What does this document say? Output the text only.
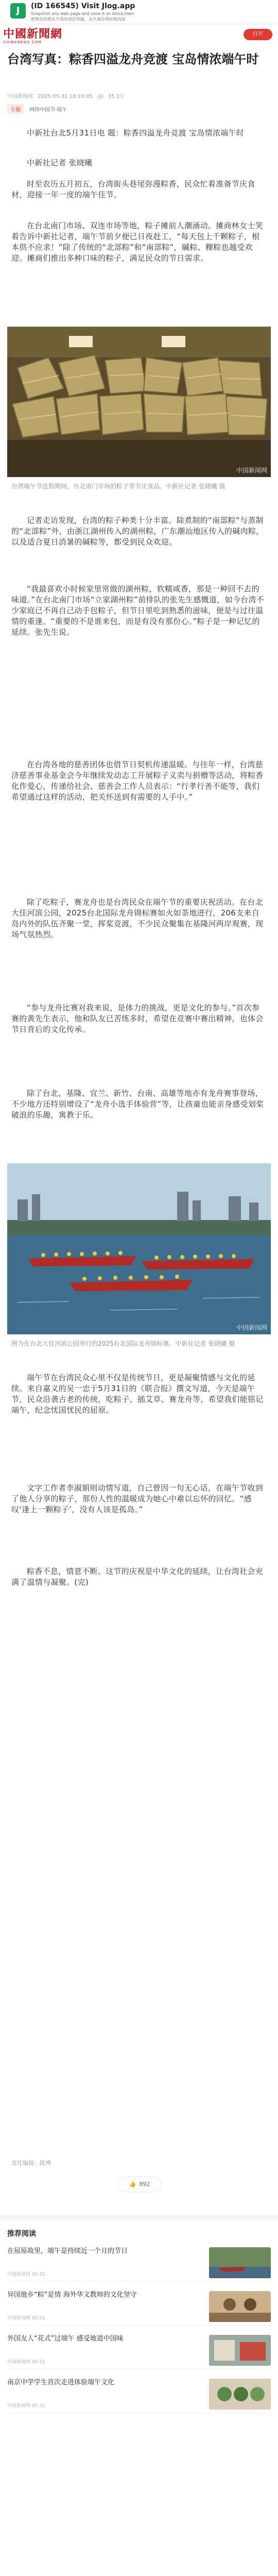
J	(ID 166545) Visit Jlog.app
Snapshot any web page and save it on blockchain
把网页快照永久保存到区块链，永久保存网址和内容
中國新聞網
CHINANEWS.COM
打开
台湾写真：粽香四溢龙舟竞渡 宝岛情浓端午时
中国新闻网 2025-05-31 18:19:05	35.3万
专题 网络中国节·端午

中新社台北5月31日电 题：粽香四溢龙舟竞渡 宝岛情浓端午时

中新社记者 张晓曦

时至农历五月初五，台湾街头巷尾弥漫粽香，民众忙着准备节庆食材，迎接一年一度的端午佳节。

在台北南门市场、双连市场等地，粽子摊前人潮涌动。摊商林女士笑着告诉中新社记者，端午节前夕便已日夜赶工，“每天包上千颗粽子，根本供不应求！”除了传统的“北部粽”和“南部粽”，碱粽、粿粽也越受欢迎。摊商们推出多种口味的粽子，满足民众的节日需求。

中国新闻网

台湾端午节连假期间，台北南门市场的粽子等节庆食品。中新社记者 张晓曦 摄

记者走访发现，台湾的粽子种类十分丰富。除煮制的“南部粽”与蒸制的“北部粽”外，由浙江湖州传入的湖州粽，广东潮汕地区传入的碱肉粽，以及适合夏日消暑的碱粽等，都受到民众欢迎。

“我最喜欢小时候家里常做的湖州粽，软糯咸香，那是一种回不去的味道。”在台北南门市场“立家湖州粽”前排队的张先生感慨道，如今台湾不少家庭已不再自己动手包粽子，但节日里吃到熟悉的滋味，便是与过往温情的重逢。“重要的不是谁来包，而是有没有那份心。”粽子是一种记忆的延续。张先生说。

在台湾各地的慈善团体也借节日契机传递温暖。与往年一样，台湾慈济慈善事业基金会今年继续发动志工开展粽子义卖与捐赠等活动，将粽香化作爱心，传递给社会、慈善会工作人员表示：“行孝行善不能等，我们希望通过这样的活动，把关怀送到有需要的人手中。”

除了吃粽子，赛龙舟也是台湾民众在端午节的重要庆祝活动。在台北大佳河滨公园，2025台北国际龙舟锦标赛如火如荼地进行，206支来自岛内外的队伍齐聚一堂，挥桨竞渡，不少民众聚集在基隆河两岸观赛，现场气氛热烈。

“参与龙舟比赛对我来说，是体力的挑战，更是文化的参与。”首次参赛的黄先生表示，他和队友已苦练多时，希望在竞赛中赛出精神，也体会节日背后的文化传承。

除了台北，基隆、宜兰、新竹、台南、高雄等地亦有龙舟赛事登场，不少地方还特别增设了“龙舟小选手体验营”等，让孩童也能亲身感受划桨破浪的乐趣，寓教于乐。

中国新闻网

图为在台北大佳河滨公园举行的2025台北国际龙舟锦标赛。中新社记者 张晓曦 摄

端午节在台湾民众心里不仅是传统节日，更是凝聚情感与文化的延续。来自嘉义的吴一忠于5月31日的《联合报》撰文写道，今天是端午节，民众沿袭古老的传统，吃粽子、插艾草、赛龙舟等，希望我们能铭记端午，纪念忧国忧民的屈原。

文字工作者李淑娟则动情写道，自己曾因一句无心话，在端午节收到了他人分享的粽子，那份人性的温暖成为她心中难以忘怀的回忆。“感叹‘逢上一颗粽子’，没有人该是孤岛。”

粽香不息，情意不断。这节的庆祝是中华文化的延续，让台湾社会充满了温情与凝聚。(完)

责任编辑：陈博
👍 892
推荐阅读
在屈原故里，端午是持续近一个月的节日
中国新闻网 05-31
异国他乡“粽”是情 海外华文教师的文化坚守
中国新闻网 05-31
外国友人“花式”过端午 感受地道中国味
中国新闻网 05-31
南京中学学生首次走进体验端午文化
中国新闻网 05-31
